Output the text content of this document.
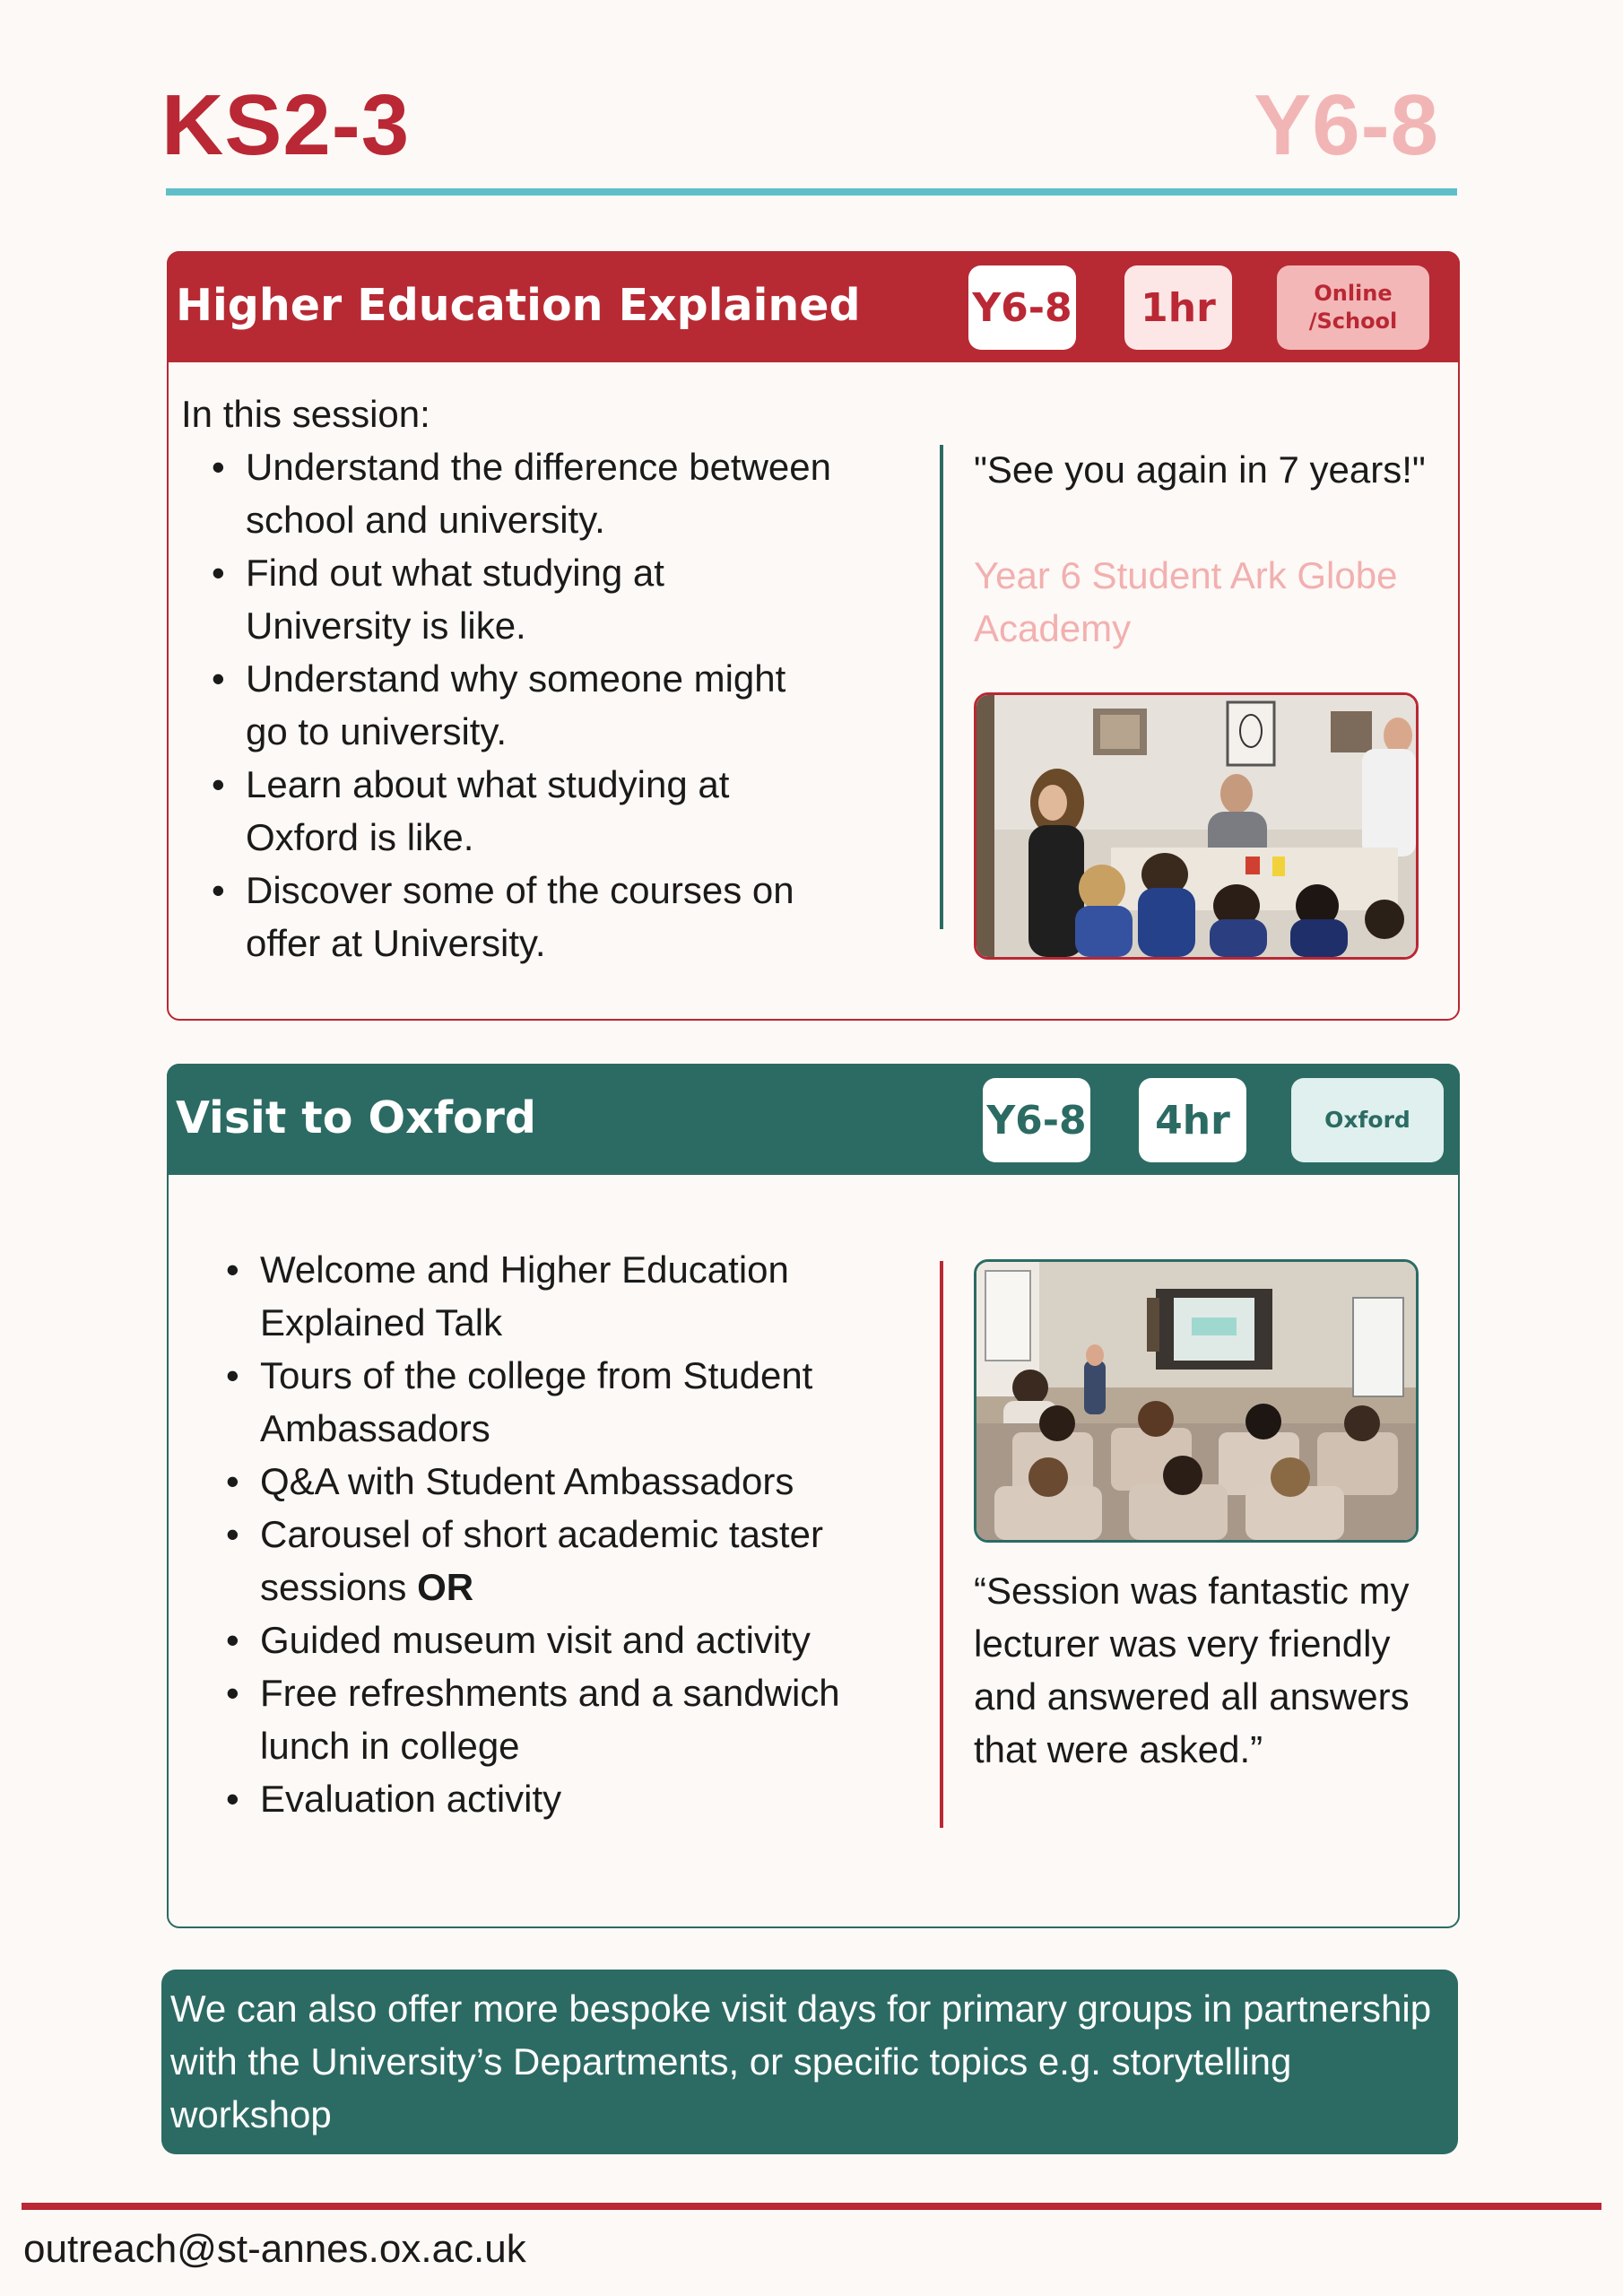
KS2-3	Y6-8
Higher Education Explained	Y6-8	1hr	Online
/School
In this session:
• Understand the difference between school and university.
• Find out what studying at University is like.
• Understand why someone might go to university.
• Learn about what studying at Oxford is like.
• Discover some of the courses on offer at University.
"See you again in 7 years!"
Year 6 Student Ark Globe Academy
Visit to Oxford	Y6-8	4hr	Oxford
• Welcome and Higher Education Explained Talk
• Tours of the college from Student Ambassadors
• Q&A with Student Ambassadors
• Carousel of short academic taster sessions OR
• Guided museum visit and activity
• Free refreshments and a sandwich lunch in college
• Evaluation activity
“Session was fantastic my lecturer was very friendly and answered all answers that were asked.”
We can also offer more bespoke visit days for primary groups in partnership with the University’s Departments, or specific topics e.g. storytelling workshop
outreach@st-annes.ox.ac.uk
